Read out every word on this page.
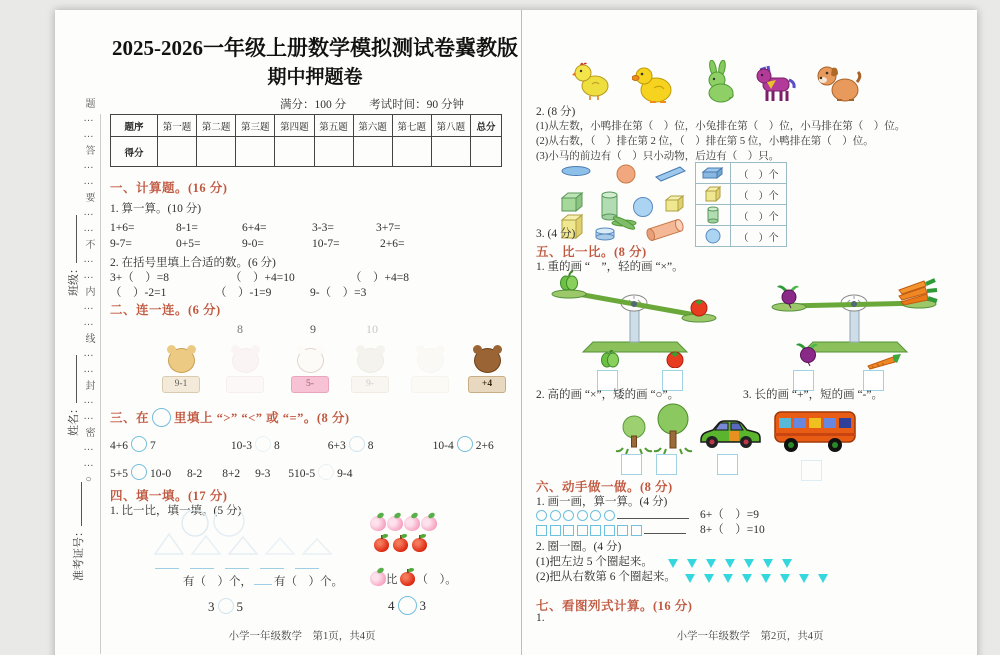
题……答……要……不……内……线……封……密……○
班级：
姓名：
准考证号：
2025-2026一年级上册数学模拟测试卷冀教版
期中押题卷
满分：100 分　　考试时间：90 分钟
题序	第一题	第二题	第三题	第四题	第五题	第六题	第七题	第八题	总分
得分									
一、计算题。(16 分)
1. 算一算。(10 分)
1+6=	8-1=	6+4=	3-3=	3+7=
9-7=	0+5=	9-0=	10-7=	2+6=
2. 在括号里填上合适的数。(6 分)
3+（　）=8	（　）+4=10	（　）+4=8
（　）-2=1	（　）-1=9	9-（　）=3
二、连一连。(6 分)
8	9	10
9-1	5-	9-	+4
三、在 里填上 “>” “<” 或 “=”。(8 分)
4+6 7	10-3 8	6+3 8	10-4 2+6
5+5 10-0 8-2 8+2 9-3 510-5 9-4
四、填一填。(17 分)
1. 比一比，填一填。(5 分)
有（　）个， 有（　）个。	比 （　）。
3 5	4 3
小学一年级数学　第1页，共4页
2. (8 分)
(1)从左数，小鸭排在第（　）位，小兔排在第（　）位，小马排在第（　）位。
(2)从右数，（　）排在第 2 位，（　）排在第 5 位，小鸭排在第（　）位。
(3)小马的前边有（　）只小动物，后边有（　）只。
	（　）个

	（　）个

	（　）个

	（　）个
3. (4 分)
五、比一比。(8 分)
1. 重的画 “　”，轻的画 “×”。
2. 高的画 “×”，矮的画 “○”。	3. 长的画 “+”，短的画 “-”。
六、动手做一做。(8 分)
1. 画一画，算一算。(4 分)
6+（　）=9
8+（　）=10
2. 圈一圈。(4 分)
(1)把左边 5 个圈起来。
(2)把从右数第 6 个圈起来。
七、看图列式计算。(16 分)
1.
小学一年级数学　第2页，共4页
